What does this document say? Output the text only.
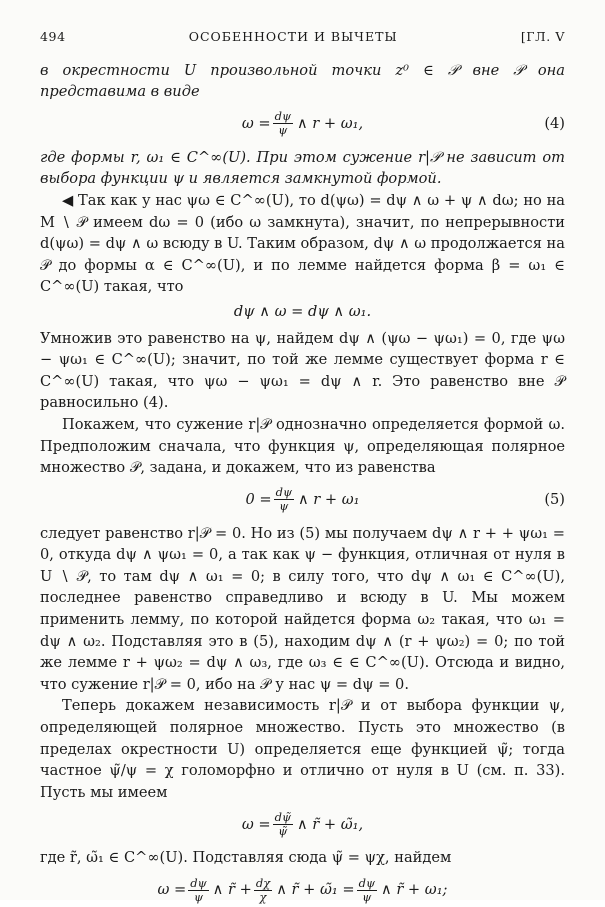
494	ОСОБЕННОСТИ И ВЫЧЕТЫ	[ГЛ. V

в окрестности U произвольной точки z⁰ ∈ 𝒫 вне 𝒫 она представима в виде

$\omega = \frac{d\psi}{\psi}$ ∧ r + ω₁,	(4)

где формы r, ω₁ ∈ C^∞(U). При этом сужение r|𝒫 не зависит от выбора функции ψ и является замкнутой формой.

◀ Так как у нас ψω ∈ C^∞(U), то d(ψω) = dψ ∧ ω + ψ ∧ dω; но на M ∖ 𝒫 имеем dω = 0 (ибо ω замкнута), значит, по непрерывности d(ψω) = dψ ∧ ω всюду в U. Таким образом, dψ ∧ ω продолжается на 𝒫 до формы α ∈ C^∞(U), и по лемме найдется форма β = ω₁ ∈ C^∞(U) такая, что

dψ ∧ ω = dψ ∧ ω₁.

Умножив это равенство на ψ, найдем dψ ∧ (ψω − ψω₁) = 0, где ψω − ψω₁ ∈ C^∞(U); значит, по той же лемме существует форма r ∈ C^∞(U) такая, что ψω − ψω₁ = dψ ∧ r. Это равенство вне 𝒫 равносильно (4).

Покажем, что сужение r|𝒫 однозначно определяется формой ω. Предположим сначала, что функция ψ, определяющая полярное множество 𝒫, задана, и докажем, что из равенства

$0 = \frac{d\psi}{\psi}$ ∧ r + ω₁	(5)

следует равенство r|𝒫 = 0. Но из (5) мы получаем dψ ∧ r + + ψω₁ = 0, откуда dψ ∧ ψω₁ = 0, а так как ψ − функция, отличная от нуля в U ∖ 𝒫, то там dψ ∧ ω₁ = 0; в силу того, что dψ ∧ ω₁ ∈ C^∞(U), последнее равенство справедливо и всюду в U. Мы можем применить лемму, по которой найдется форма ω₂ такая, что ω₁ = dψ ∧ ω₂. Подставляя это в (5), находим dψ ∧ (r + ψω₂) = 0; по той же лемме r + ψω₂ = dψ ∧ ω₃, где ω₃ ∈ ∈ C^∞(U). Отсюда и видно, что сужение r|𝒫 = 0, ибо на 𝒫 у нас ψ = dψ = 0.

Теперь докажем независимость r|𝒫 и от выбора функции ψ, определяющей полярное множество. Пусть это множество (в пределах окрестности U) определяется еще функцией ψ̃; тогда частное ψ̃/ψ = χ голоморфно и отлично от нуля в U (см. п. 33). Пусть мы имеем

$\omega = \frac{d\psĩ}{\psĩ}$ ∧ r̃ + ω̃₁,

где r̃, ω̃₁ ∈ C^∞(U). Подставляя сюда ψ̃ = ψχ, найдем

$\omega = \frac{d\psi}{\psi}$ ∧ r̃ + $\frac{d\chi}{\chi}$ ∧ r̃ + ω̃₁ = $\frac{d\psi}{\psi}$ ∧ r̃ + ω₁;
